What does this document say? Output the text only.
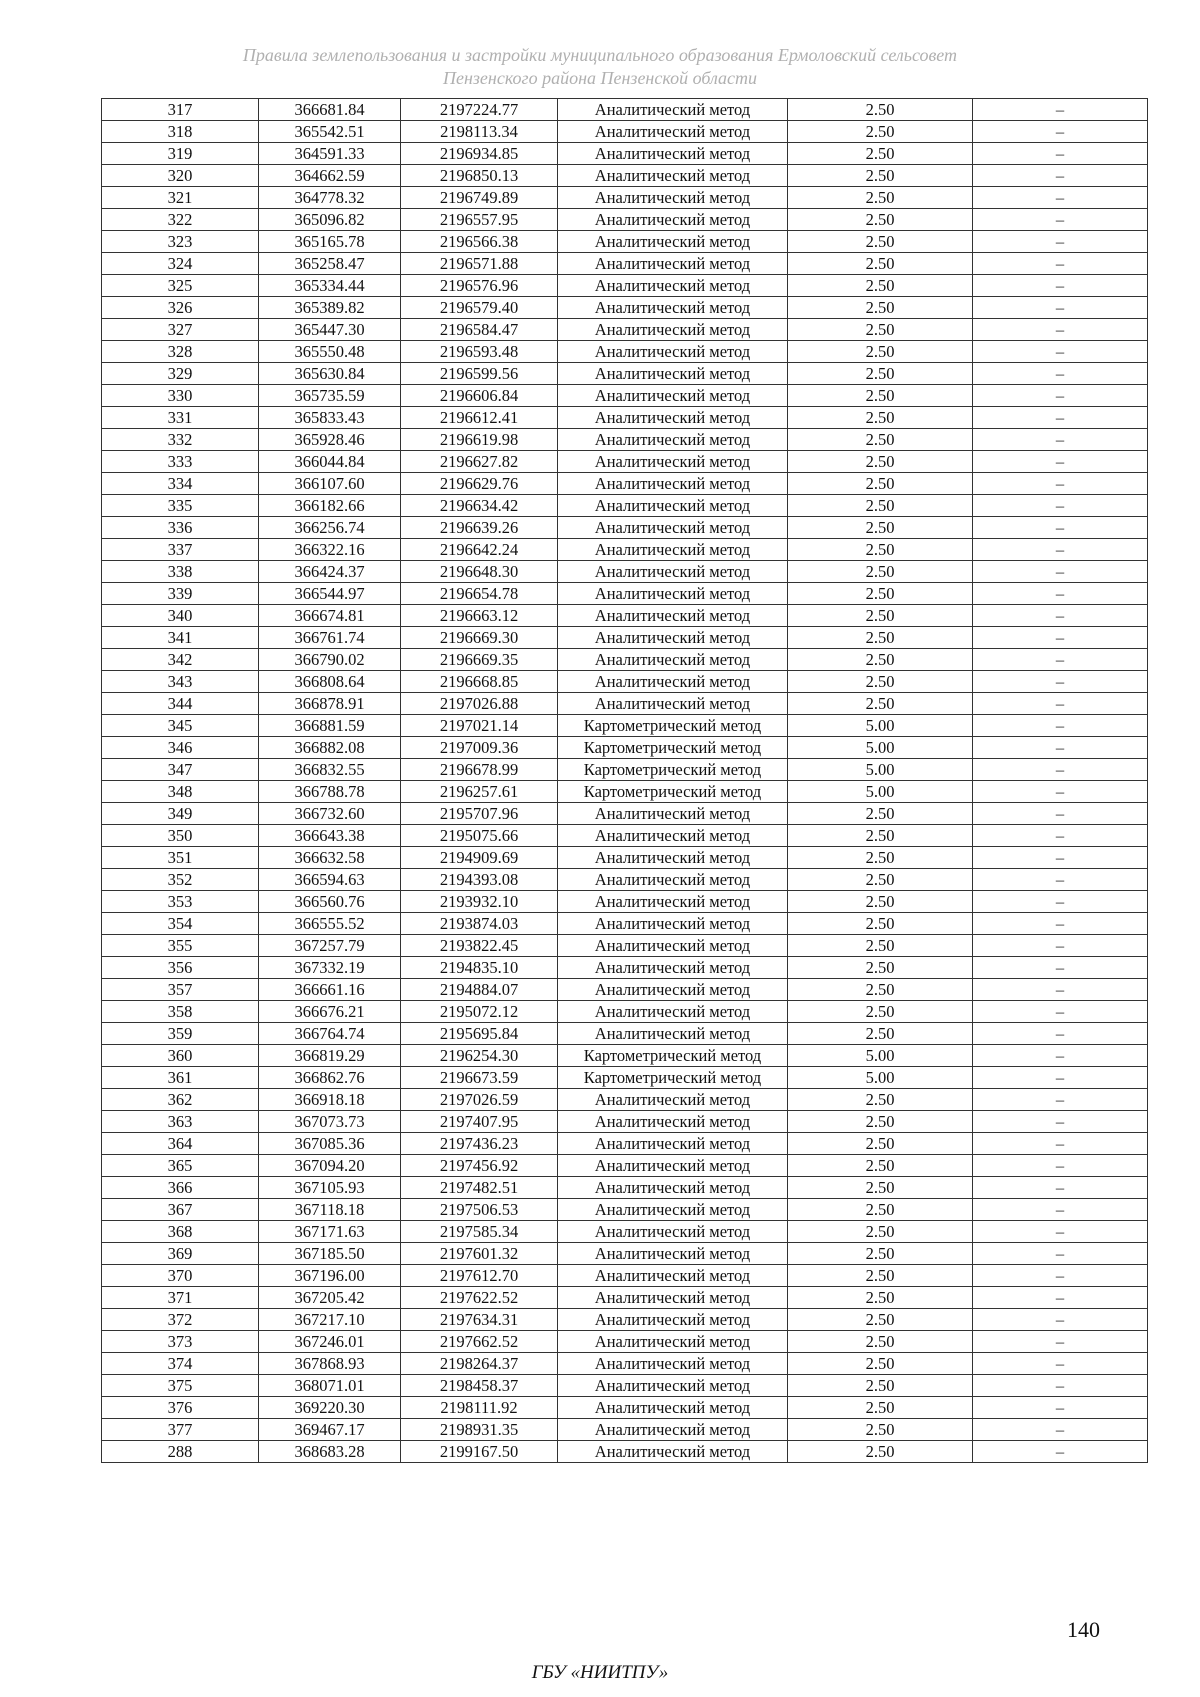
Правила землепользования и застройки муниципального образования Ермоловский сельсовет
Пензенского района Пензенской области
317	366681.84	2197224.77	Аналитический метод	2.50	–
318	365542.51	2198113.34	Аналитический метод	2.50	–
319	364591.33	2196934.85	Аналитический метод	2.50	–
320	364662.59	2196850.13	Аналитический метод	2.50	–
321	364778.32	2196749.89	Аналитический метод	2.50	–
322	365096.82	2196557.95	Аналитический метод	2.50	–
323	365165.78	2196566.38	Аналитический метод	2.50	–
324	365258.47	2196571.88	Аналитический метод	2.50	–
325	365334.44	2196576.96	Аналитический метод	2.50	–
326	365389.82	2196579.40	Аналитический метод	2.50	–
327	365447.30	2196584.47	Аналитический метод	2.50	–
328	365550.48	2196593.48	Аналитический метод	2.50	–
329	365630.84	2196599.56	Аналитический метод	2.50	–
330	365735.59	2196606.84	Аналитический метод	2.50	–
331	365833.43	2196612.41	Аналитический метод	2.50	–
332	365928.46	2196619.98	Аналитический метод	2.50	–
333	366044.84	2196627.82	Аналитический метод	2.50	–
334	366107.60	2196629.76	Аналитический метод	2.50	–
335	366182.66	2196634.42	Аналитический метод	2.50	–
336	366256.74	2196639.26	Аналитический метод	2.50	–
337	366322.16	2196642.24	Аналитический метод	2.50	–
338	366424.37	2196648.30	Аналитический метод	2.50	–
339	366544.97	2196654.78	Аналитический метод	2.50	–
340	366674.81	2196663.12	Аналитический метод	2.50	–
341	366761.74	2196669.30	Аналитический метод	2.50	–
342	366790.02	2196669.35	Аналитический метод	2.50	–
343	366808.64	2196668.85	Аналитический метод	2.50	–
344	366878.91	2197026.88	Аналитический метод	2.50	–
345	366881.59	2197021.14	Картометрический метод	5.00	–
346	366882.08	2197009.36	Картометрический метод	5.00	–
347	366832.55	2196678.99	Картометрический метод	5.00	–
348	366788.78	2196257.61	Картометрический метод	5.00	–
349	366732.60	2195707.96	Аналитический метод	2.50	–
350	366643.38	2195075.66	Аналитический метод	2.50	–
351	366632.58	2194909.69	Аналитический метод	2.50	–
352	366594.63	2194393.08	Аналитический метод	2.50	–
353	366560.76	2193932.10	Аналитический метод	2.50	–
354	366555.52	2193874.03	Аналитический метод	2.50	–
355	367257.79	2193822.45	Аналитический метод	2.50	–
356	367332.19	2194835.10	Аналитический метод	2.50	–
357	366661.16	2194884.07	Аналитический метод	2.50	–
358	366676.21	2195072.12	Аналитический метод	2.50	–
359	366764.74	2195695.84	Аналитический метод	2.50	–
360	366819.29	2196254.30	Картометрический метод	5.00	–
361	366862.76	2196673.59	Картометрический метод	5.00	–
362	366918.18	2197026.59	Аналитический метод	2.50	–
363	367073.73	2197407.95	Аналитический метод	2.50	–
364	367085.36	2197436.23	Аналитический метод	2.50	–
365	367094.20	2197456.92	Аналитический метод	2.50	–
366	367105.93	2197482.51	Аналитический метод	2.50	–
367	367118.18	2197506.53	Аналитический метод	2.50	–
368	367171.63	2197585.34	Аналитический метод	2.50	–
369	367185.50	2197601.32	Аналитический метод	2.50	–
370	367196.00	2197612.70	Аналитический метод	2.50	–
371	367205.42	2197622.52	Аналитический метод	2.50	–
372	367217.10	2197634.31	Аналитический метод	2.50	–
373	367246.01	2197662.52	Аналитический метод	2.50	–
374	367868.93	2198264.37	Аналитический метод	2.50	–
375	368071.01	2198458.37	Аналитический метод	2.50	–
376	369220.30	2198111.92	Аналитический метод	2.50	–
377	369467.17	2198931.35	Аналитический метод	2.50	–
288	368683.28	2199167.50	Аналитический метод	2.50	–
140
ГБУ «НИИТПУ»
